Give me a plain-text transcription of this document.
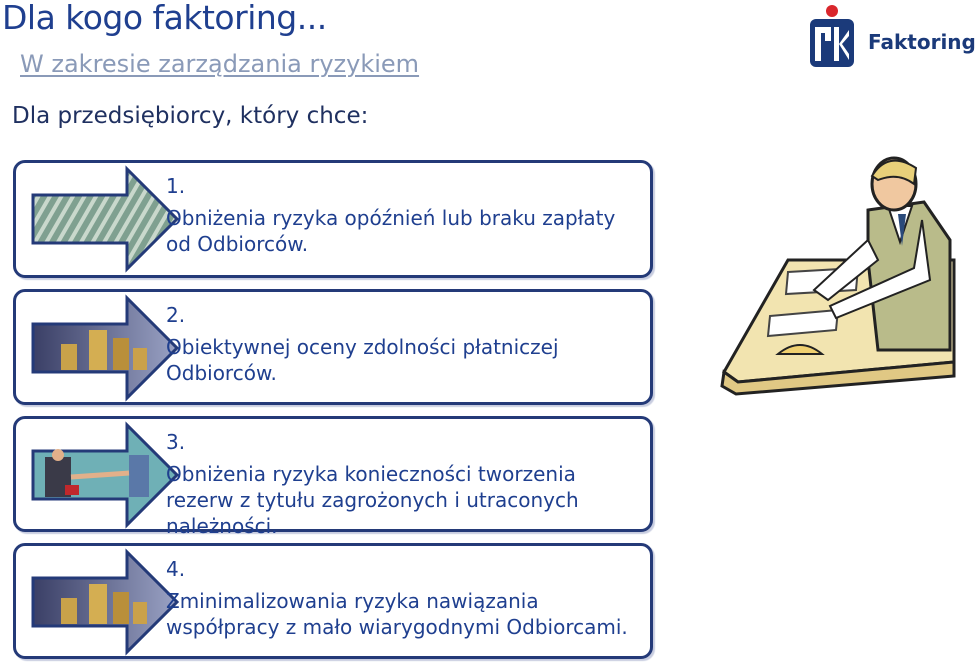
Dla kogo faktoring...
W zakresie zarządzania ryzykiem
Dla przedsiębiorcy, który chce:
Faktoring
1.
Obniżenia ryzyka opóźnień lub braku zapłaty od Odbiorców.
2.
Obiektywnej oceny zdolności płatniczej Odbiorców.
3.
Obniżenia ryzyka konieczności tworzenia rezerw z tytułu zagrożonych i utraconych należności.
4.
Zminimalizowania ryzyka nawiązania współpracy z mało wiarygodnymi Odbiorcami.
